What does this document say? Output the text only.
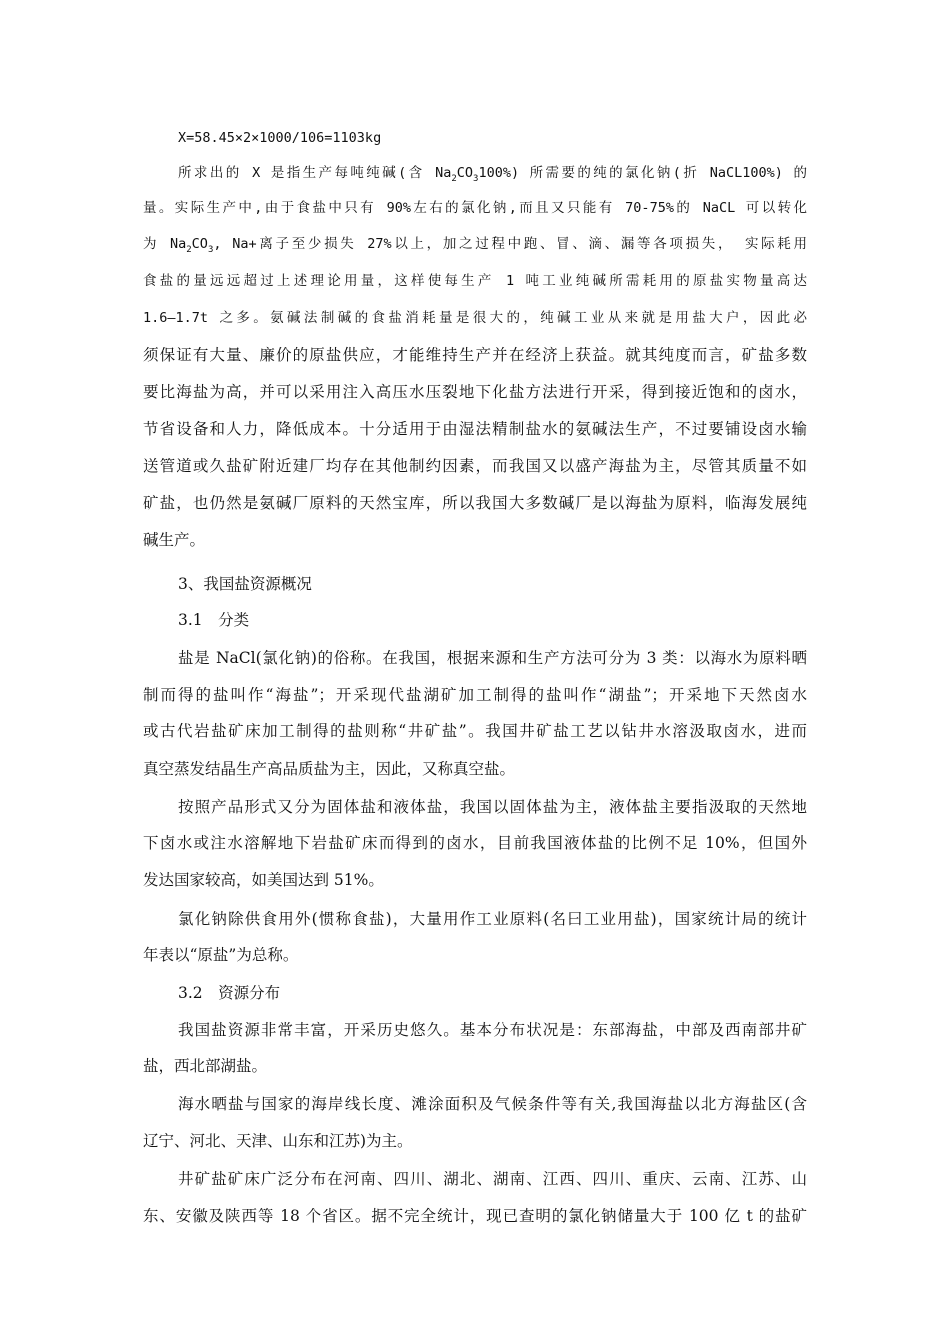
X=58.45×2×1000/106=1103kg
所求出的 X 是指生产每吨纯碱(含 $Na_2CO_3100\%$) 所需要的纯的氯化钠(折 NaCL100%) 的
量。实际生产中,由于食盐中只有 90%左右的氯化钠,而且又只能有 70-75%的 NaCL 可以转化
为 $Na_2CO_3$, Na+离子至少损失 27%以上，加之过程中跑、冒、滴、漏等各项损失， 实际耗用
食盐的量远远超过上述理论用量，这样使每生产 1 吨工业纯碱所需耗用的原盐实物量高达
1.6—1.7t 之多。氨碱法制碱的食盐消耗量是很大的，纯碱工业从来就是用盐大户，因此必
须保证有大量、廉价的原盐供应，才能维持生产并在经济上获益。就其纯度而言，矿盐多数
要比海盐为高，并可以采用注入高压水压裂地下化盐方法进行开采，得到接近饱和的卤水，
节省设备和人力，降低成本。十分适用于由湿法精制盐水的氨碱法生产，不过要铺设卤水输
送管道或久盐矿附近建厂均存在其他制约因素，而我国又以盛产海盐为主，尽管其质量不如
矿盐，也仍然是氨碱厂原料的天然宝库，所以我国大多数碱厂是以海盐为原料，临海发展纯
碱生产。
3、我国盐资源概况
3.1　分类
盐是 NaCl(氯化钠)的俗称。在我国，根据来源和生产方法可分为 3 类：以海水为原料晒
制而得的盐叫作“海盐”；开采现代盐湖矿加工制得的盐叫作“湖盐”；开采地下天然卤水
或古代岩盐矿床加工制得的盐则称“井矿盐”。我国井矿盐工艺以钻井水溶汲取卤水，进而
真空蒸发结晶生产高品质盐为主，因此，又称真空盐。
按照产品形式又分为固体盐和液体盐，我国以固体盐为主，液体盐主要指汲取的天然地
下卤水或注水溶解地下岩盐矿床而得到的卤水，目前我国液体盐的比例不足 10%，但国外
发达国家较高，如美国达到 51%。
氯化钠除供食用外(惯称食盐)，大量用作工业原料(名曰工业用盐)，国家统计局的统计
年表以“原盐”为总称。
3.2　资源分布
我国盐资源非常丰富，开采历史悠久。基本分布状况是：东部海盐，中部及西南部井矿
盐，西北部湖盐。
海水晒盐与国家的海岸线长度、滩涂面积及气候条件等有关,我国海盐以北方海盐区(含
辽宁、河北、天津、山东和江苏)为主。
井矿盐矿床广泛分布在河南、四川、湖北、湖南、江西、四川、重庆、云南、江苏、山
东、安徽及陕西等 18 个省区。据不完全统计，现已查明的氯化钠储量大于 100 亿 t 的盐矿
